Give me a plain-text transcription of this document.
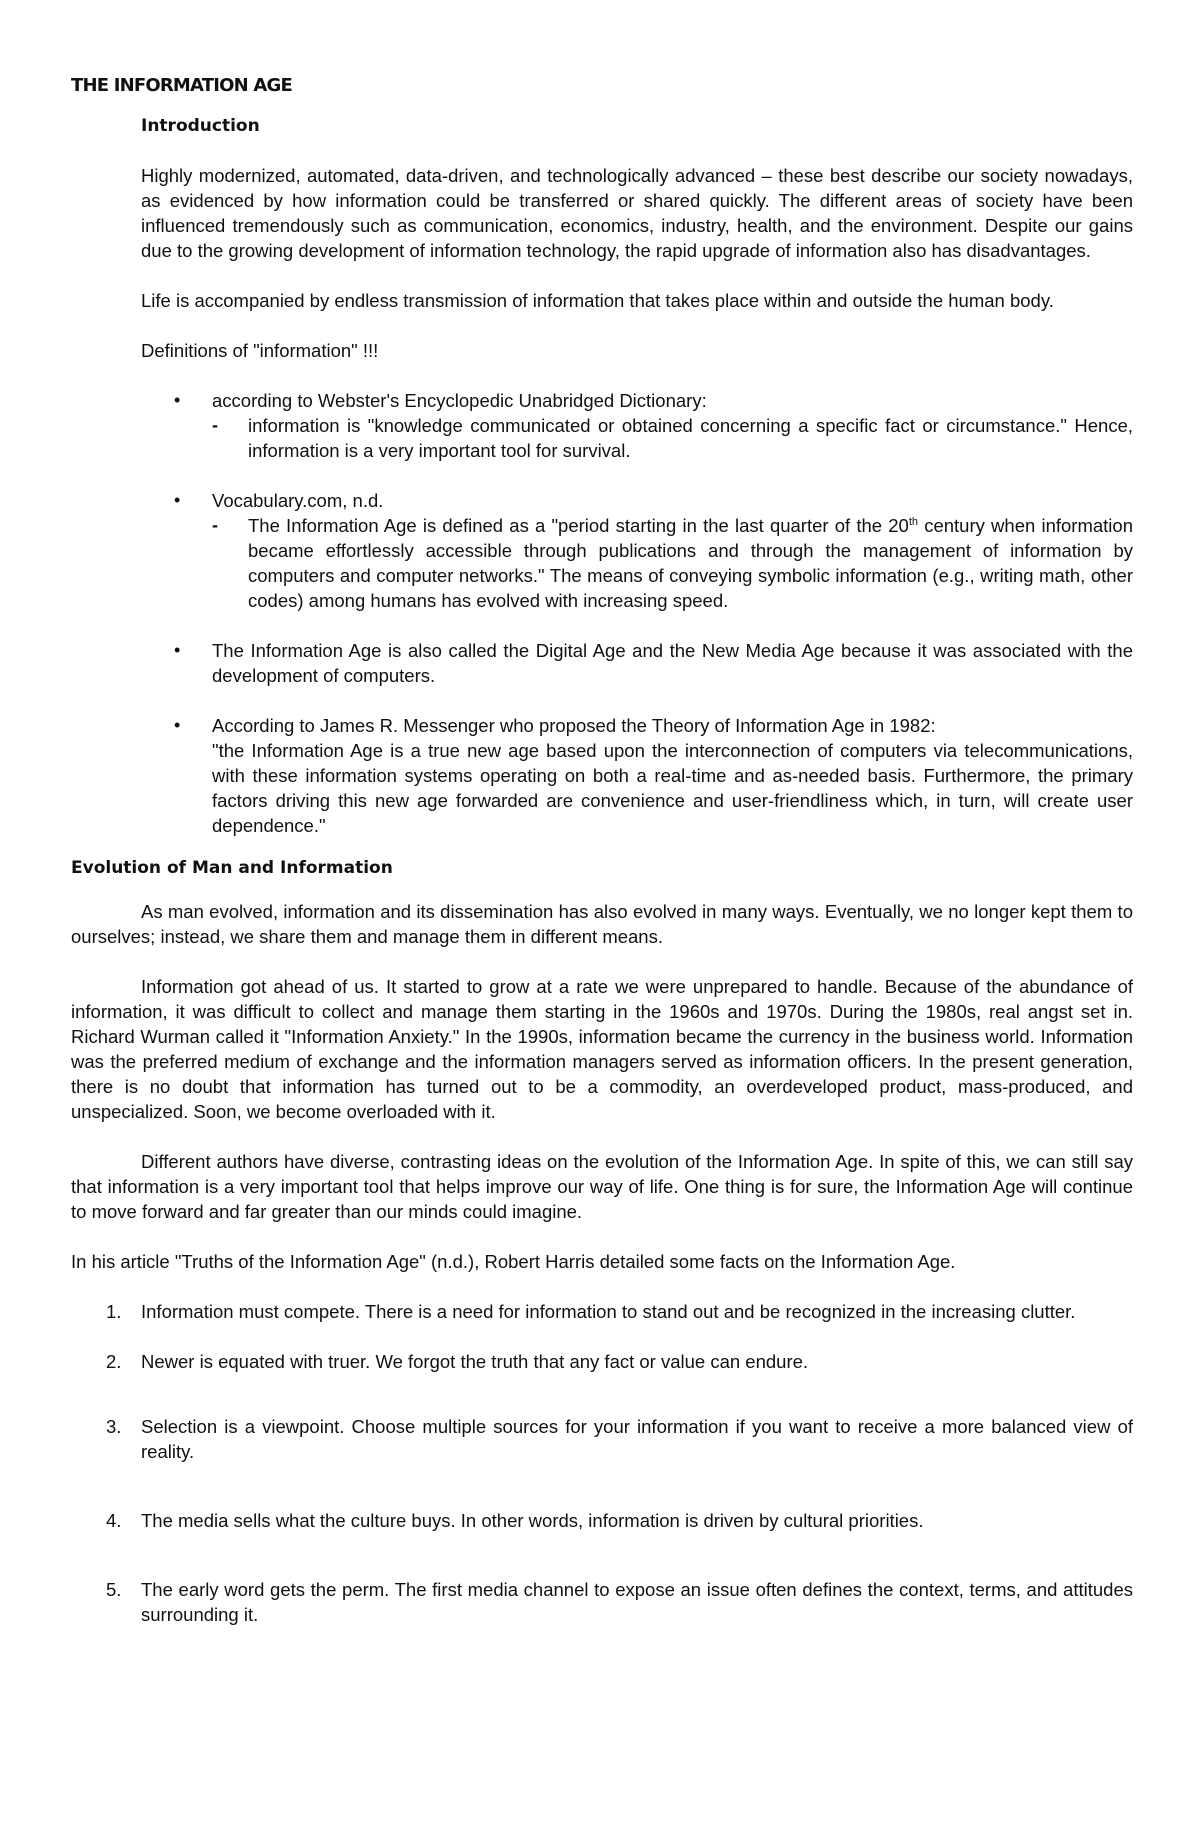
THE INFORMATION AGE
Introduction

Highly modernized, automated, data-driven, and technologically advanced – these best describe our society nowadays, as evidenced by how information could be transferred or shared quickly. The different areas of society have been influenced tremendously such as communication, economics, industry, health, and the environment. Despite our gains due to the growing development of information technology, the rapid upgrade of information also has disadvantages.

Life is accompanied by endless transmission of information that takes place within and outside the human body.

Definitions of "information" !!!

• according to Webster's Encyclopedic Unabridged Dictionary:

- information is "knowledge communicated or obtained concerning a specific fact or circumstance." Hence, information is a very important tool for survival.

• Vocabulary.com, n.d.

- The Information Age is defined as a "period starting in the last quarter of the 20th century when information became effortlessly accessible through publications and through the management of information by computers and computer networks." The means of conveying symbolic information (e.g., writing math, other codes) among humans has evolved with increasing speed.

• The Information Age is also called the Digital Age and the New Media Age because it was associated with the development of computers.

• According to James R. Messenger who proposed the Theory of Information Age in 1982:

"the Information Age is a true new age based upon the interconnection of computers via telecommunications, with these information systems operating on both a real-time and as-needed basis. Furthermore, the primary factors driving this new age forwarded are convenience and user-friendliness which, in turn, will create user dependence."

Evolution of Man and Information

As man evolved, information and its dissemination has also evolved in many ways. Eventually, we no longer kept them to ourselves; instead, we share them and manage them in different means.

Information got ahead of us. It started to grow at a rate we were unprepared to handle. Because of the abundance of information, it was difficult to collect and manage them starting in the 1960s and 1970s. During the 1980s, real angst set in. Richard Wurman called it "Information Anxiety." In the 1990s, information became the currency in the business world. Information was the preferred medium of exchange and the information managers served as information officers. In the present generation, there is no doubt that information has turned out to be a commodity, an overdeveloped product, mass-produced, and unspecialized. Soon, we become overloaded with it.

Different authors have diverse, contrasting ideas on the evolution of the Information Age. In spite of this, we can still say that information is a very important tool that helps improve our way of life. One thing is for sure, the Information Age will continue to move forward and far greater than our minds could imagine.

In his article "Truths of the Information Age" (n.d.), Robert Harris detailed some facts on the Information Age.

1. Information must compete. There is a need for information to stand out and be recognized in the increasing clutter.

2. Newer is equated with truer. We forgot the truth that any fact or value can endure.

3. Selection is a viewpoint. Choose multiple sources for your information if you want to receive a more balanced view of reality.

4. The media sells what the culture buys. In other words, information is driven by cultural priorities.

5. The early word gets the perm. The first media channel to expose an issue often defines the context, terms, and attitudes surrounding it.
